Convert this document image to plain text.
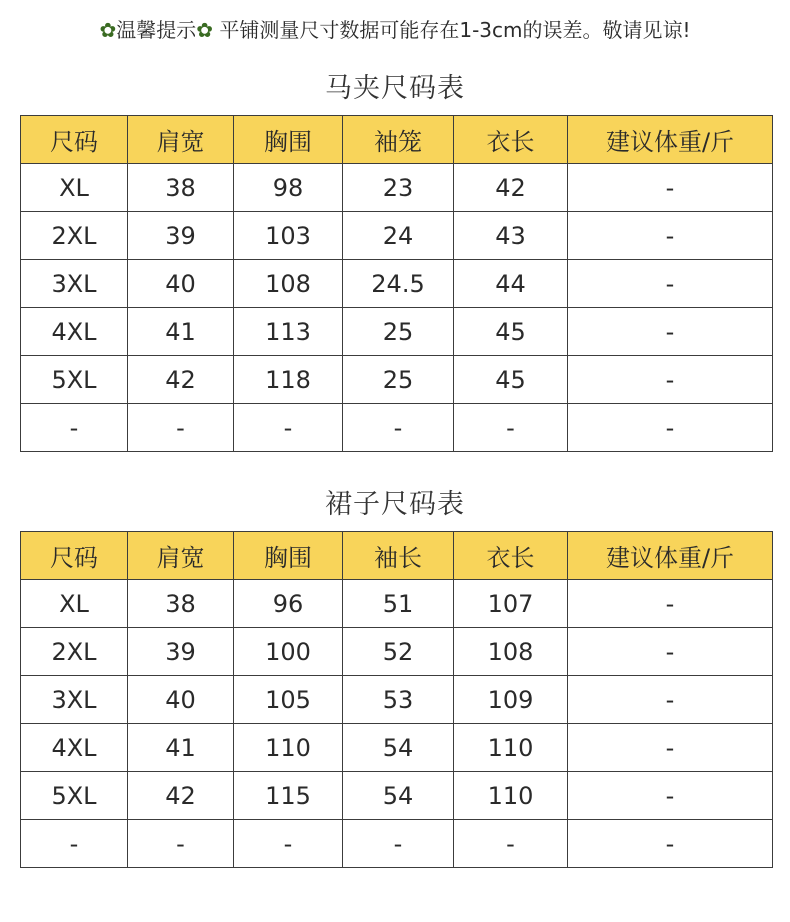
✿温馨提示✿ 平铺测量尺寸数据可能存在1-3cm的误差。敬请见谅!
马夹尺码表
尺码	肩宽	胸围	袖笼	衣长	建议体重/斤
XL	38	98	23	42	-
2XL	39	103	24	43	-
3XL	40	108	24.5	44	-
4XL	41	113	25	45	-
5XL	42	118	25	45	-
-	-	-	-	-	-
裙子尺码表
尺码	肩宽	胸围	袖长	衣长	建议体重/斤
XL	38	96	51	107	-
2XL	39	100	52	108	-
3XL	40	105	53	109	-
4XL	41	110	54	110	-
5XL	42	115	54	110	-
-	-	-	-	-	-
